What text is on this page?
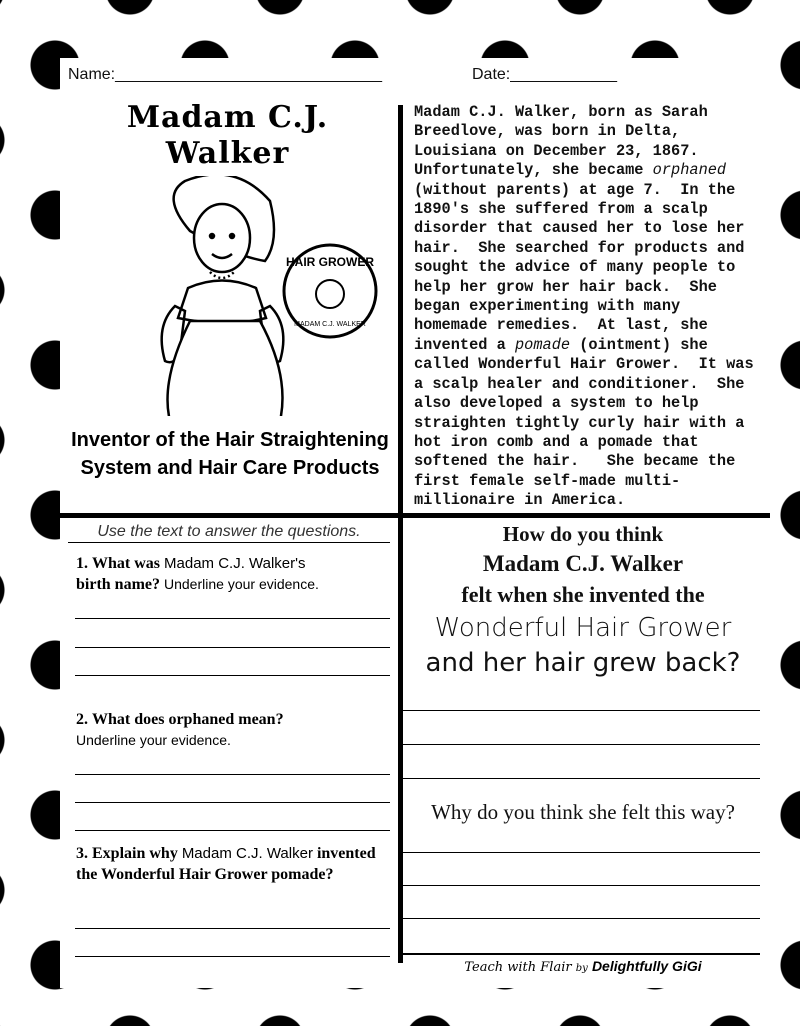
Name:______________________________	Date:____________
Madam C.J. Walker
HAIR GROWER
MADAM C.J. WALKER
Inventor of the Hair Straightening System and Hair Care Products
Madam C.J. Walker, born as Sarah
Breedlove, was born in Delta,
Louisiana on December 23, 1867.
Unfortunately, she became orphaned
(without parents) at age 7.  In the
1890's she suffered from a scalp
disorder that caused her to lose her
hair.  She searched for products and
sought the advice of many people to
help her grow her hair back.  She
began experimenting with many
homemade remedies.  At last, she
invented a pomade (ointment) she
called Wonderful Hair Grower.  It was
a scalp healer and conditioner.  She
also developed a system to help
straighten tightly curly hair with a
hot iron comb and a pomade that
softened the hair.   She became the
first female self-made multi-
millionaire in America.
Use the text to answer the questions.
1. What was Madam C.J. Walker's
birth name? Underline your evidence.
2. What does orphaned mean?
Underline your evidence.
3. Explain why Madam C.J. Walker invented the Wonderful Hair Grower pomade?
How do you think
Madam C.J. Walker
felt when she invented the
Wonderful Hair Grower
and her hair grew back?
Why do you think she felt this way?
Teach with Flair by Delightfully GiGi
